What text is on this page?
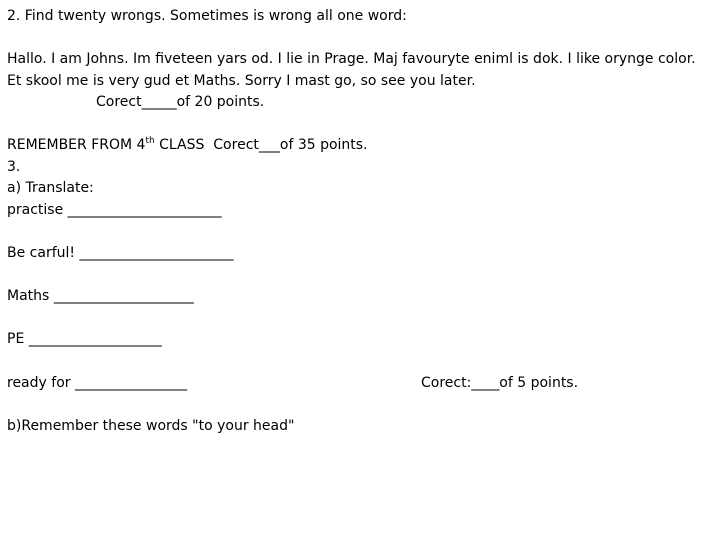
2. Find twenty wrongs. Sometimes is wrong all one word:

Hallo. I am Johns. Im fiveteen yars od. I lie in Prage. Maj favouryte eniml is dok. I like orynge color.

Et skool me is very gud et Maths. Sorry I mast go, so see you later.

Corect_____of 20 points.

REMEMBER FROM 4th CLASS  Corect___of 35 points.

3.

a) Translate:

practise ______________________

Be carful! ______________________

Maths ____________________

PE ___________________

ready for ________________	Corect:____of 5 points.

b)Remember these words "to your head"
